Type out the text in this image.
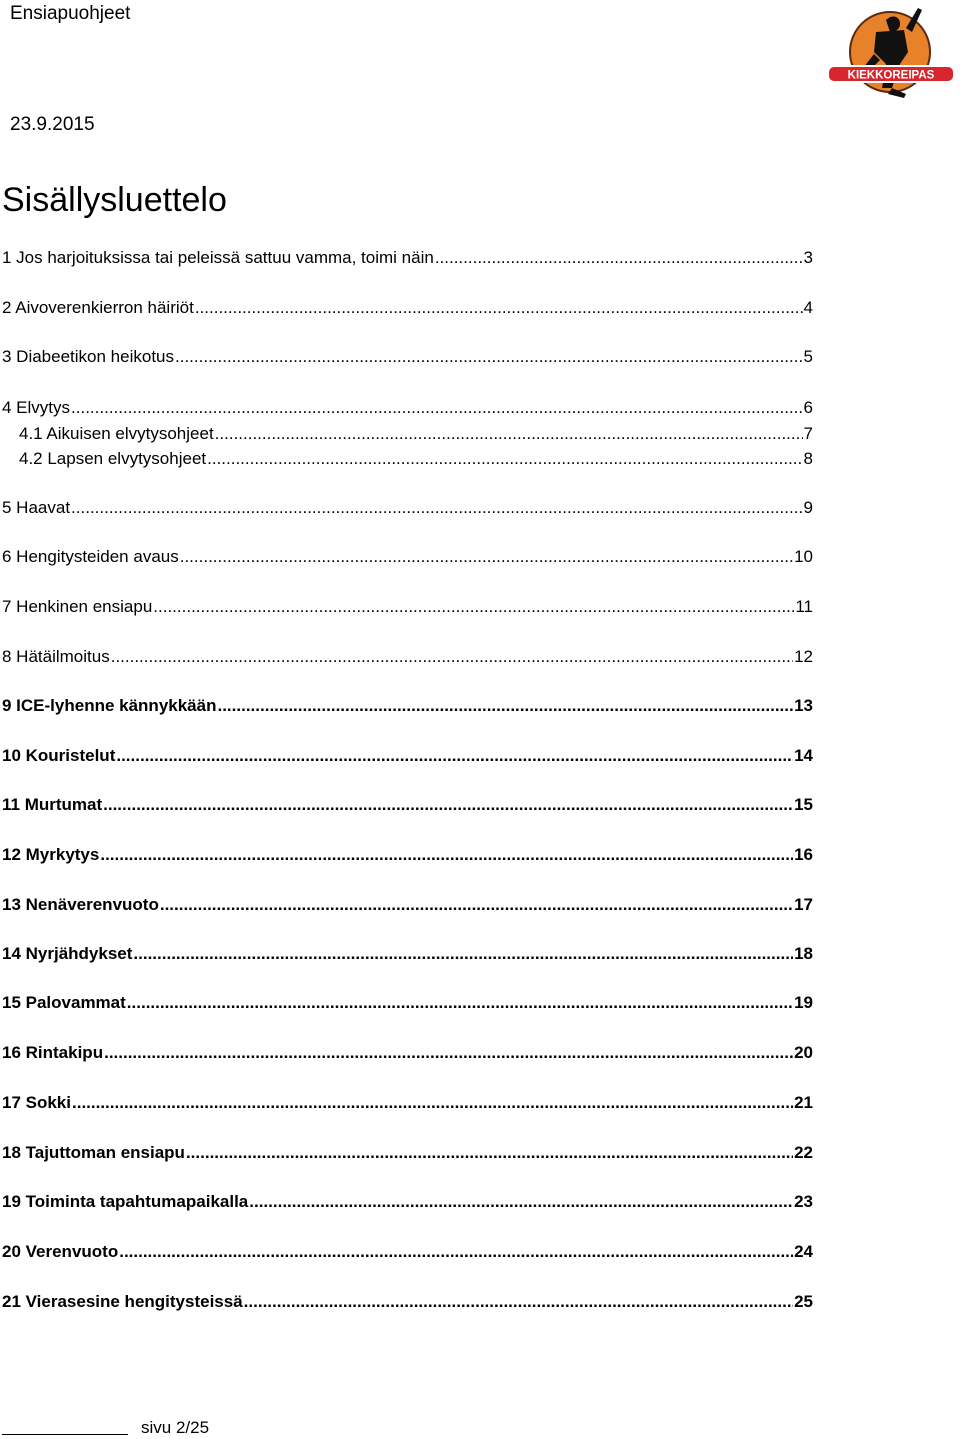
Ensiapuohjeet
23.9.2015
KIEKKOREIPAS
Sisällysluettelo
1 Jos harjoituksissa tai peleissä sattuu vamma, toimi näin .....	3
2 Aivoverenkierron häiriöt .....	4
3 Diabeetikon heikotus .....	5
4 Elvytys .....	6
4.1 Aikuisen elvytysohjeet .....	7
4.2 Lapsen elvytysohjeet .....	8
5 Haavat .....	9
6 Hengitysteiden avaus .....	10
7 Henkinen ensiapu .....	11
8 Hätäilmoitus .....	12
9 ICE-lyhenne kännykkään .....	13
10 Kouristelut .....	14
11 Murtumat .....	15
12 Myrkytys .....	16
13 Nenäverenvuoto .....	17
14 Nyrjähdykset .....	18
15 Palovammat .....	19
16 Rintakipu .....	20
17 Sokki .....	21
18 Tajuttoman ensiapu .....	22
19 Toiminta tapahtumapaikalla .....	23
20 Verenvuoto .....	24
21 Vierasesine hengitysteissä .....	25
sivu 2/25
